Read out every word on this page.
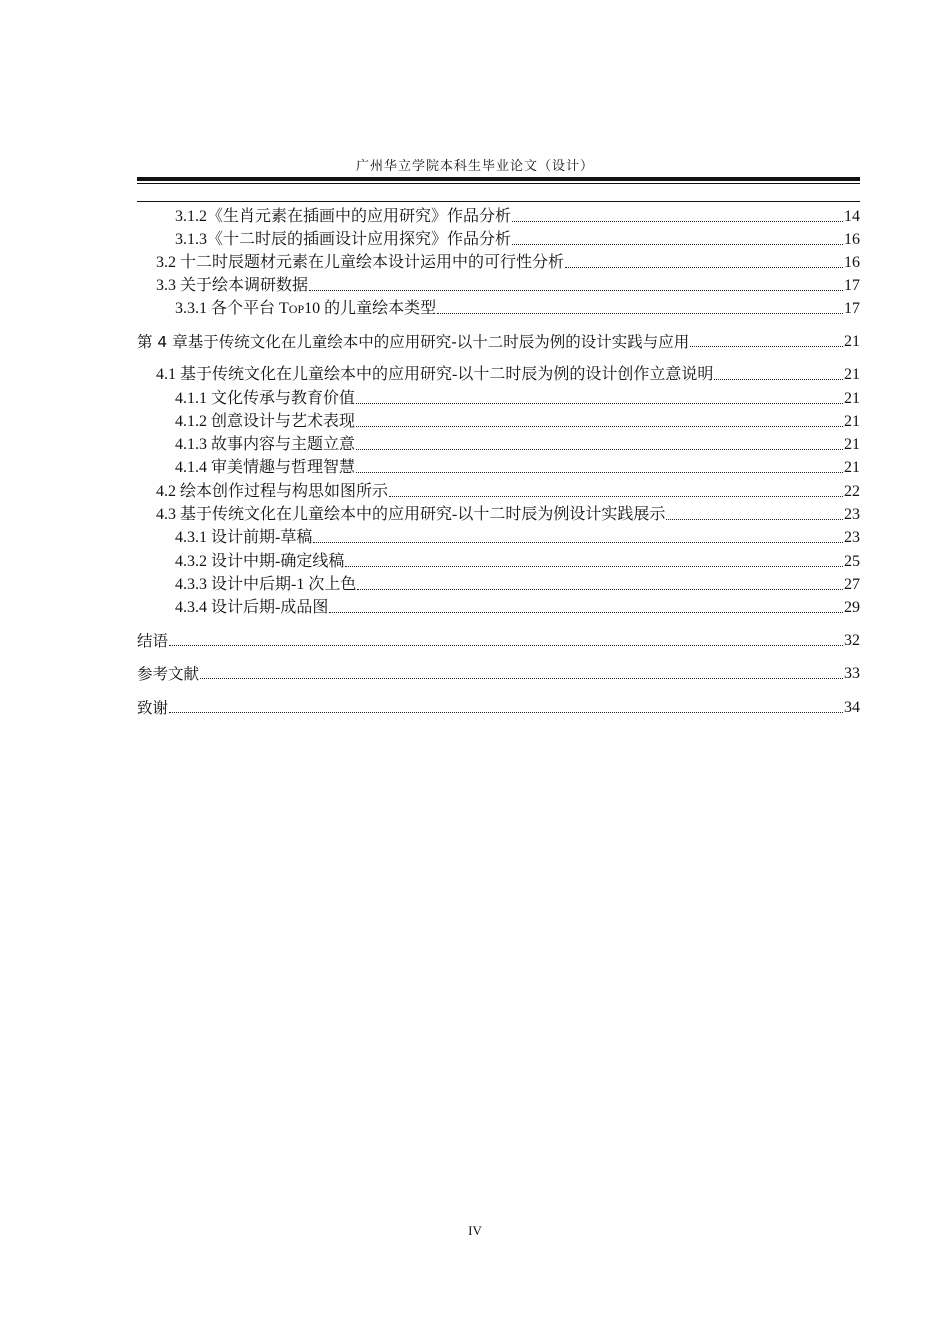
广州华立学院本科生毕业论文（设计）
3.1.2《生肖元素在插画中的应用研究》作品分析	14
3.1.3《十二时辰的插画设计应用探究》作品分析	16
3.2 十二时辰题材元素在儿童绘本设计运用中的可行性分析	16
3.3 关于绘本调研数据	17
3.3.1 各个平台 TOP10 的儿童绘本类型	17
第 4 章基于传统文化在儿童绘本中的应用研究-以十二时辰为例的设计实践与应用	21
4.1 基于传统文化在儿童绘本中的应用研究-以十二时辰为例的设计创作立意说明	21
4.1.1 文化传承与教育价值	21
4.1.2 创意设计与艺术表现	21
4.1.3 故事内容与主题立意	21
4.1.4 审美情趣与哲理智慧	21
4.2 绘本创作过程与构思如图所示	22
4.3 基于传统文化在儿童绘本中的应用研究-以十二时辰为例设计实践展示	23
4.3.1 设计前期-草稿	23
4.3.2 设计中期-确定线稿	25
4.3.3 设计中后期-1 次上色	27
4.3.4 设计后期-成品图	29
结语	32
参考文献	33
致谢	34
IV
